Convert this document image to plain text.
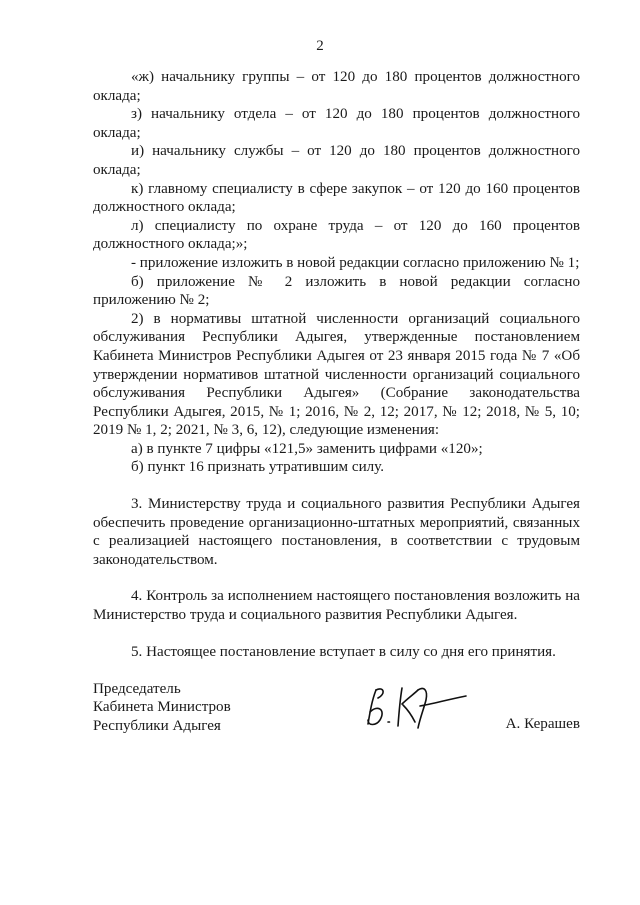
2

«ж) начальнику группы – от 120 до 180 процентов должностного оклада;

з) начальнику отдела – от 120 до 180 процентов должностного оклада;

и) начальнику службы – от 120 до 180 процентов должностного оклада;

к) главному специалисту в сфере закупок – от 120 до 160 процентов должностного оклада;

л) специалисту по охране труда – от 120 до 160 процентов должностного оклада;»;

- приложение изложить в новой редакции согласно приложению № 1;

б) приложение № 2 изложить в новой редакции согласно приложению № 2;

2) в нормативы штатной численности организаций социального обслуживания Республики Адыгея, утвержденные постановлением Кабинета Министров Республики Адыгея от 23 января 2015 года № 7 «Об утверждении нормативов штатной численности организаций социального обслуживания Республики Адыгея» (Собрание законодательства Республики Адыгея, 2015, № 1; 2016, № 2, 12; 2017, № 12; 2018, № 5, 10; 2019 № 1, 2; 2021, № 3, 6, 12), следующие изменения:

а) в пункте 7 цифры «121,5» заменить цифрами «120»;

б) пункт 16 признать утратившим силу.

3. Министерству труда и социального развития Республики Адыгея обеспечить проведение организационно-штатных мероприятий, связанных с реализацией настоящего постановления, в соответствии с трудовым законодательством.

4. Контроль за исполнением настоящего постановления возложить на Министерство труда и социального развития Республики Адыгея.

5. Настоящее постановление вступает в силу со дня его принятия.

Председатель
Кабинета Министров
Республики Адыгея	А. Керашев
